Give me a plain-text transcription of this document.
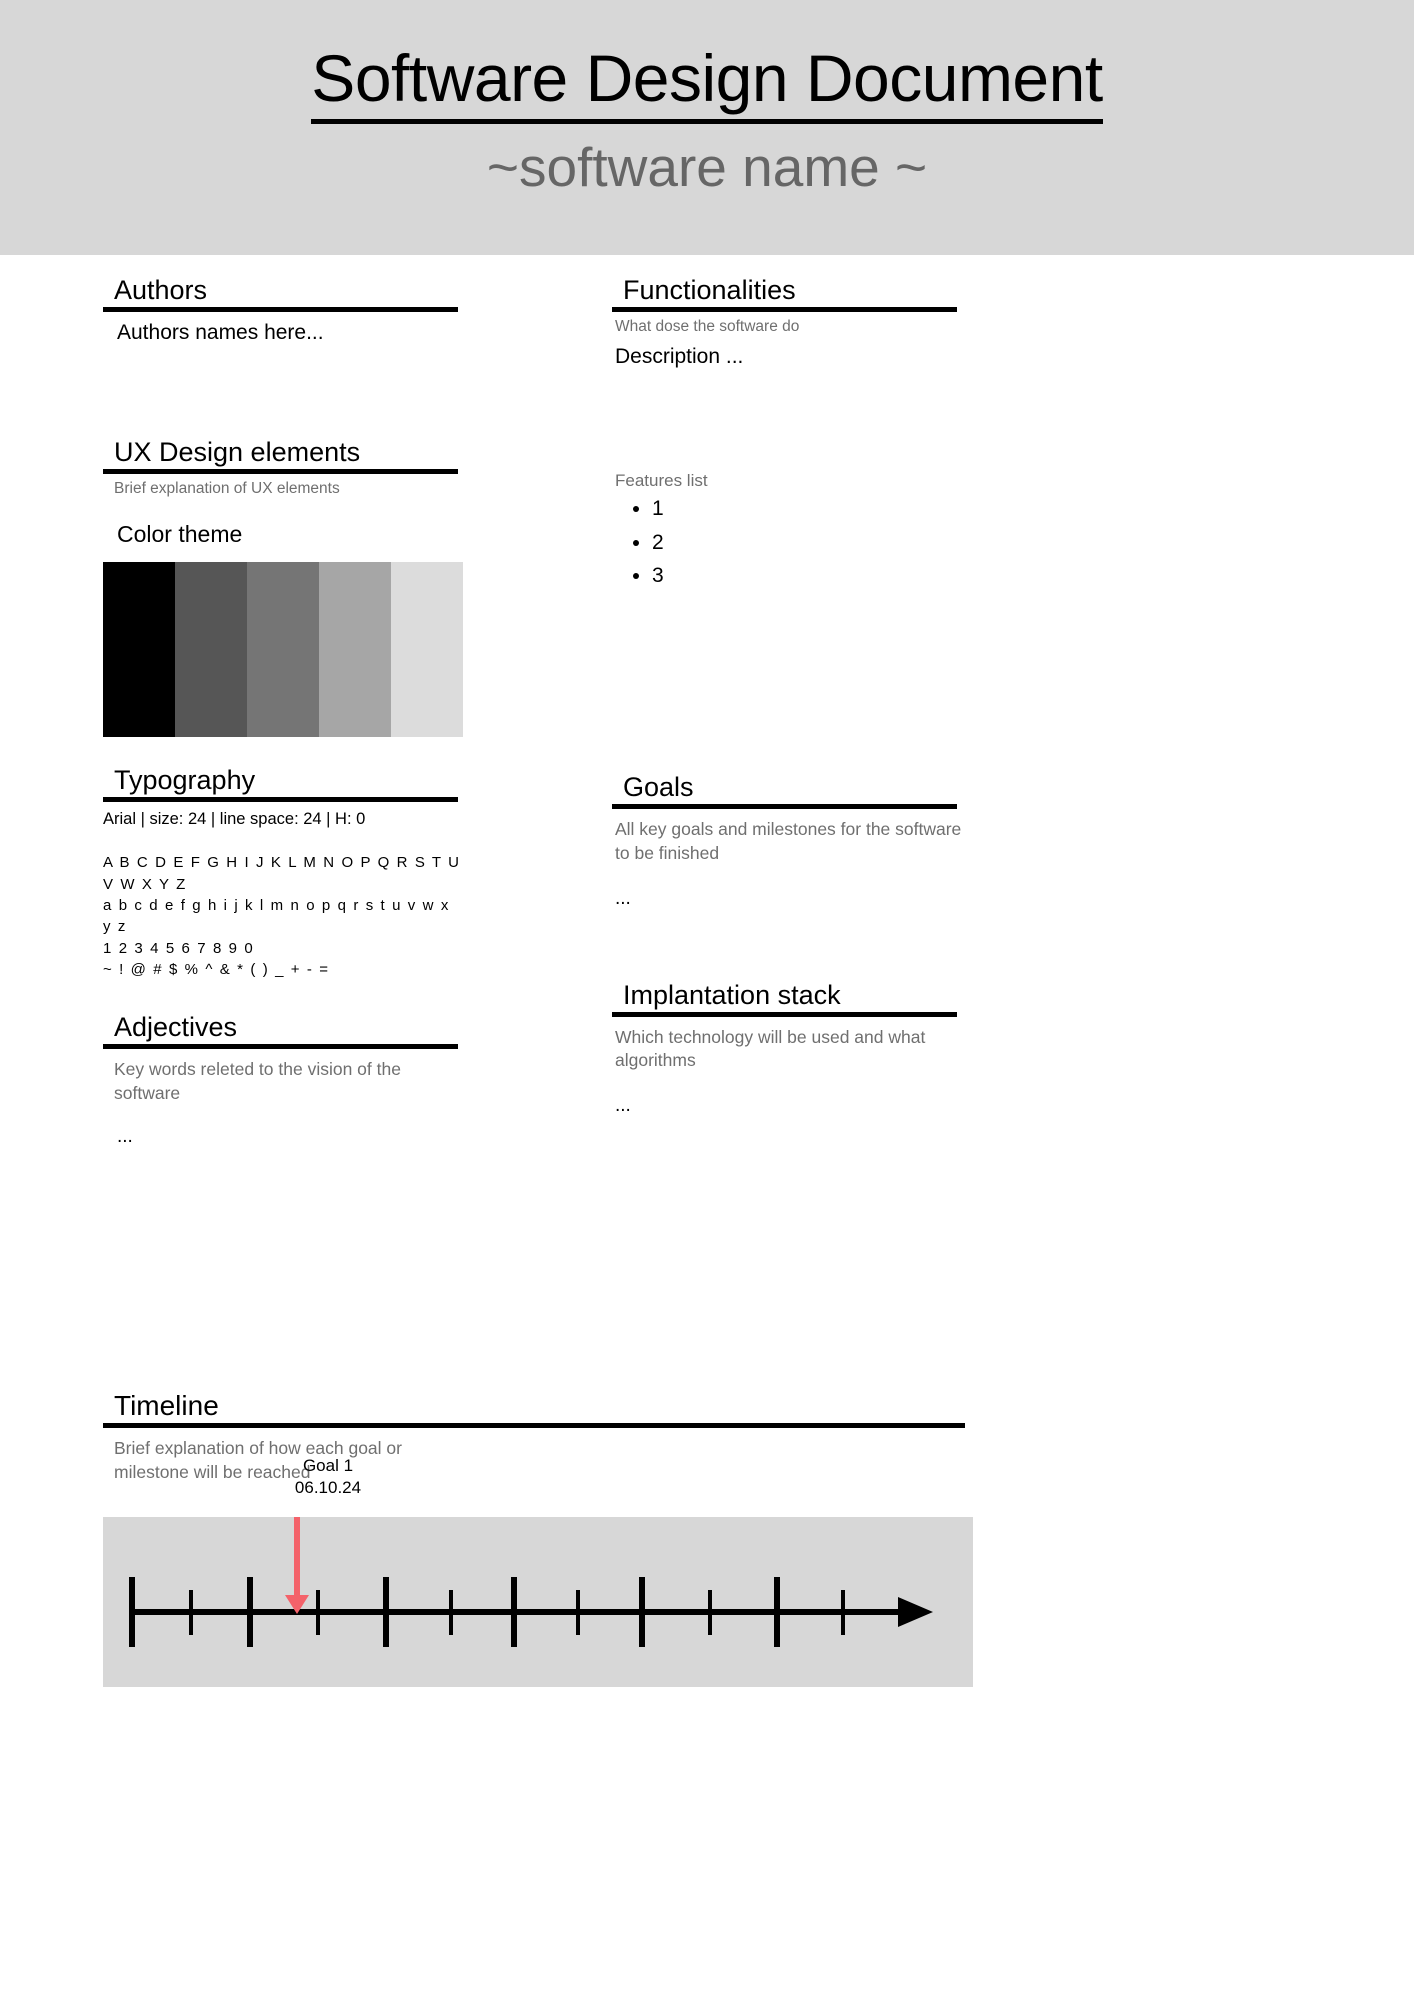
Software Design Document
~software name ~
Authors
Authors names here...
UX Design elements
Brief explanation of UX elements
Color theme
Typography
Arial | size: 24 | line space: 24 | H: 0
A B C D E F G H I J K L M N O P Q R S T U V W X Y Z
a b c d e f g h i j k l m n o p q r s t u v w x y z
1 2 3 4 5 6 7 8 9 0
~ ! @ # $ % ^ & * ( ) _ + - =
Adjectives
Key words releted to the vision of the software
...
Functionalities
What dose the software do
Description ...
Features list
• 1
• 2
• 3
Goals
All key goals and milestones for the software to be finished
...
Implantation stack
Which technology will be used and what algorithms
...
Timeline
Brief explanation of how each goal or milestone will be reached
Goal 1
06.10.24
